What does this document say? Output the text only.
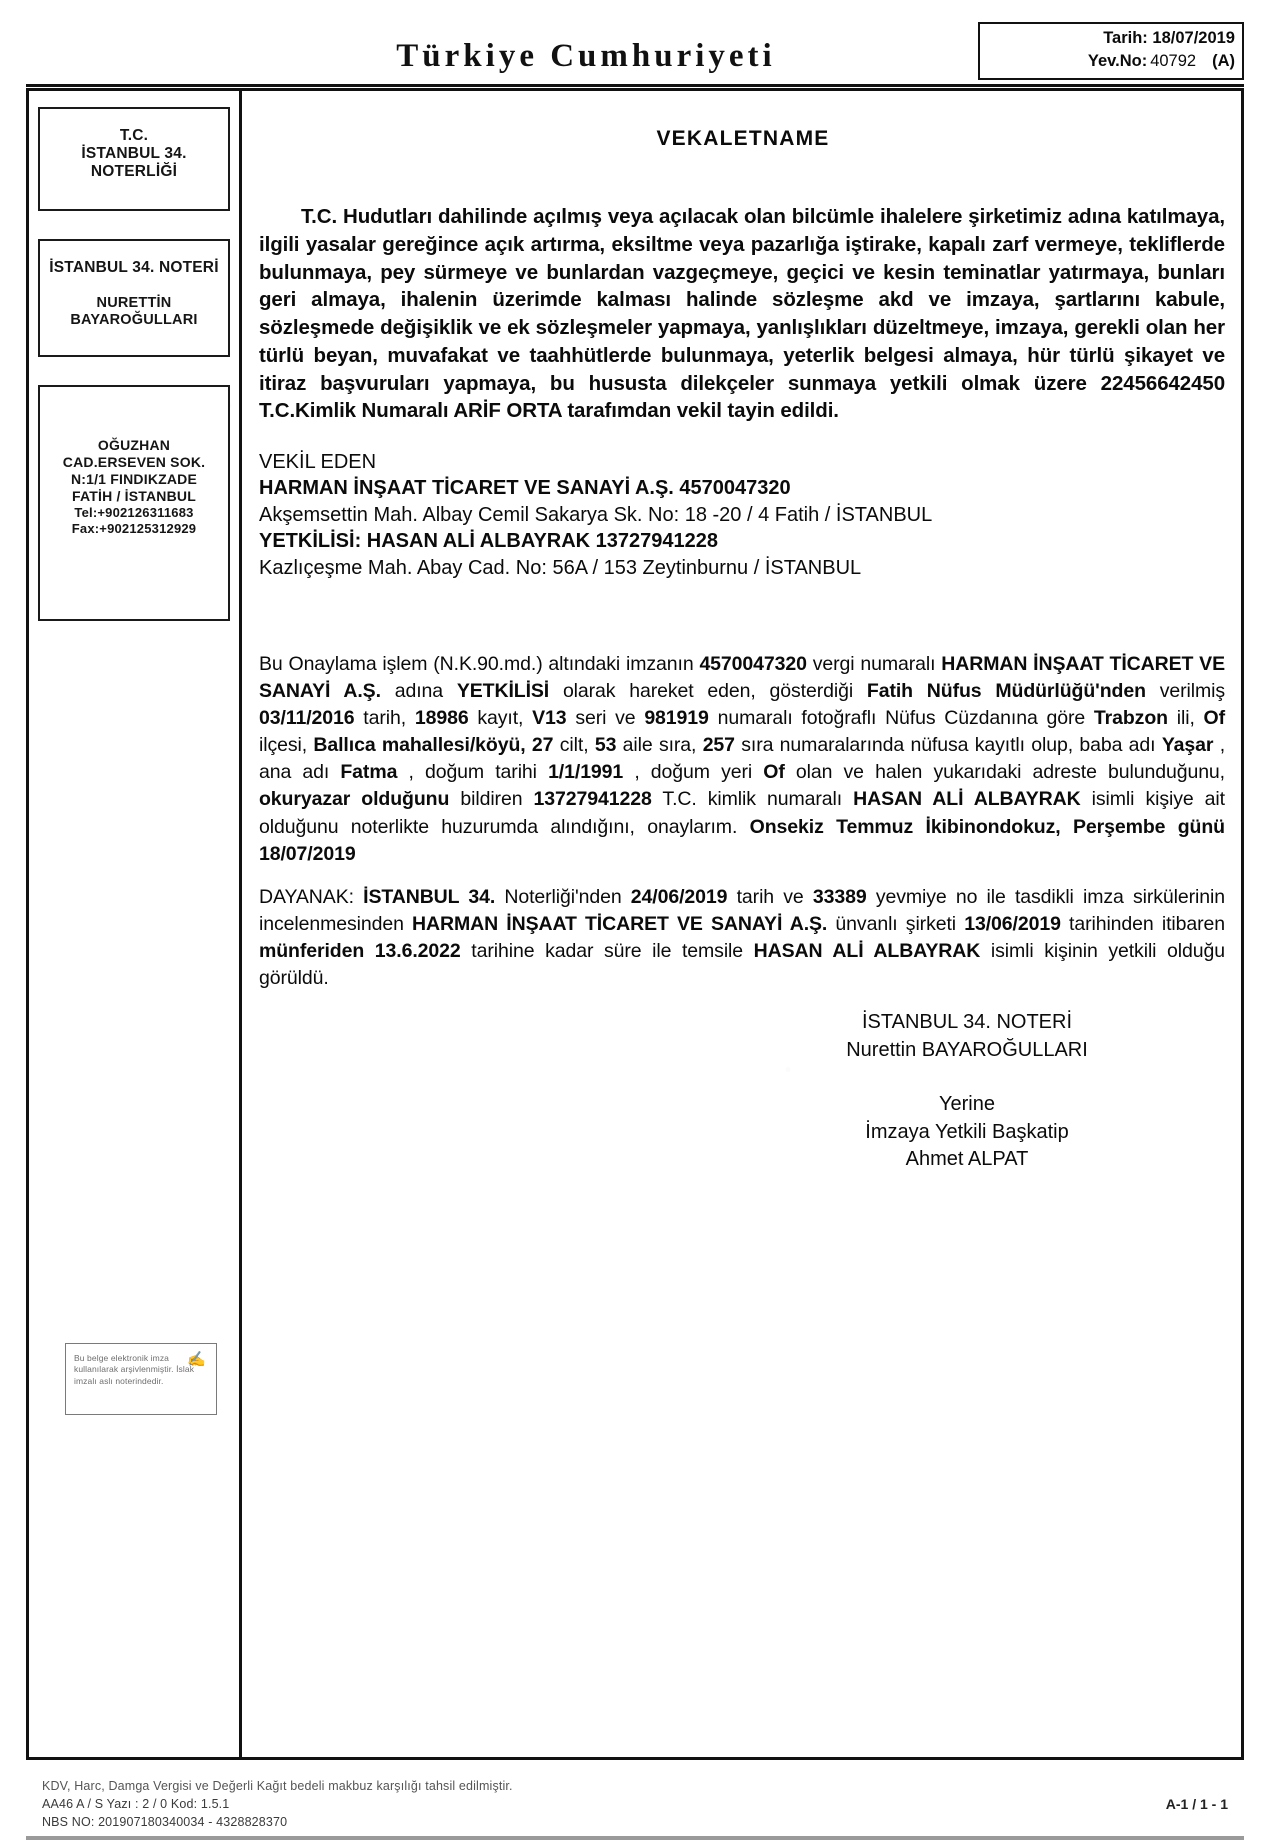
Türkiye Cumhuriyeti	Tarih: 18/07/2019
Yev.No: 40792 (A)
T.C.
İSTANBUL 34.
NOTERLİĞİ
İSTANBUL 34. NOTERİ
NURETTİN
BAYAROĞULLARI
OĞUZHAN
CAD.ERSEVEN SOK.
N:1/1 FINDIKZADE
FATİH / İSTANBUL
Tel:+902126311683
Fax:+902125312929
✍
Bu belge elektronik imza
kullanılarak arşivlenmiştir. İslak
imzalı aslı noterindedir.
VEKALETNAME
T.C. Hudutları dahilinde açılmış veya açılacak olan bilcümle ihalelere şirketimiz adına katılmaya, ilgili yasalar gereğince açık artırma, eksiltme veya pazarlığa iştirake, kapalı zarf vermeye, tekliflerde bulunmaya, pey sürmeye ve bunlardan vazgeçmeye, geçici ve kesin teminatlar yatırmaya, bunları geri almaya, ihalenin üzerimde kalması halinde sözleşme akd ve imzaya, şartlarını kabule, sözleşmede değişiklik ve ek sözleşmeler yapmaya, yanlışlıkları düzeltmeye, imzaya, gerekli olan her türlü beyan, muvafakat ve taahhütlerde bulunmaya, yeterlik belgesi almaya, hür türlü şikayet ve itiraz başvuruları yapmaya, bu hususta dilekçeler sunmaya yetkili olmak üzere 22456642450 T.C.Kimlik Numaralı ARİF ORTA tarafımdan vekil tayin edildi.
VEKİL EDEN
HARMAN İNŞAAT TİCARET VE SANAYİ A.Ş. 4570047320
Akşemsettin Mah. Albay Cemil Sakarya Sk. No: 18 -20 / 4 Fatih / İSTANBUL
YETKİLİSİ: HASAN ALİ ALBAYRAK 13727941228
Kazlıçeşme Mah. Abay Cad. No: 56A / 153 Zeytinburnu / İSTANBUL
Bu Onaylama işlem (N.K.90.md.) altındaki imzanın 4570047320 vergi numaralı HARMAN İNŞAAT TİCARET VE SANAYİ A.Ş. adına YETKİLİSİ olarak hareket eden, gösterdiği Fatih Nüfus Müdürlüğü'nden verilmiş 03/11/2016 tarih, 18986 kayıt, V13 seri ve 981919 numaralı fotoğraflı Nüfus Cüzdanına göre Trabzon ili, Of ilçesi, Ballıca mahallesi/köyü, 27 cilt, 53 aile sıra, 257 sıra numaralarında nüfusa kayıtlı olup, baba adı Yaşar , ana adı Fatma , doğum tarihi 1/1/1991 , doğum yeri Of olan ve halen yukarıdaki adreste bulunduğunu, okuryazar olduğunu bildiren 13727941228 T.C. kimlik numaralı HASAN ALİ ALBAYRAK isimli kişiye ait olduğunu noterlikte huzurumda alındığını, onaylarım. Onsekiz Temmuz İkibinondokuz, Perşembe günü 18/07/2019
DAYANAK: İSTANBUL 34. Noterliği'nden 24/06/2019 tarih ve 33389 yevmiye no ile tasdikli imza sirkülerinin incelenmesinden HARMAN İNŞAAT TİCARET VE SANAYİ A.Ş. ünvanlı şirketi 13/06/2019 tarihinden itibaren münferiden 13.6.2022 tarihine kadar süre ile temsile HASAN ALİ ALBAYRAK isimli kişinin yetkili olduğu görüldü.
İSTANBUL 34. NOTERİ
Nurettin BAYAROĞULLARI
Yerine
İmzaya Yetkili Başkatip
Ahmet ALPAT
KDV, Harc, Damga Vergisi ve Değerli Kağıt bedeli makbuz karşılığı tahsil edilmiştir.
AA46 A / S Yazı : 2 / 0 Kod: 1.5.1
NBS NO: 201907180340034 - 4328828370
A-1 / 1 - 1
